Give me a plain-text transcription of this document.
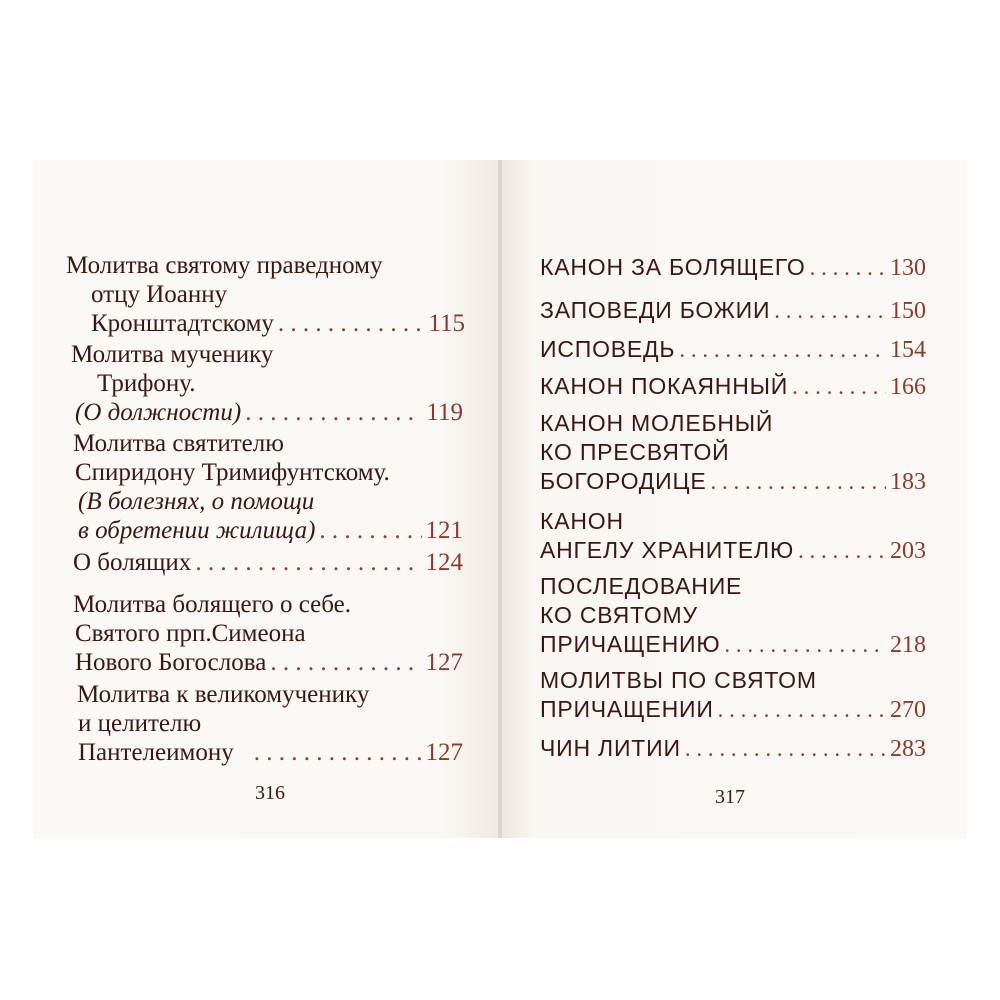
Молитва святому праведному
отцу Иоанну
Кронштадтскому . . .	115
Молитва мученику
Трифону.
(О должности) . . .	119
Молитва святителю
Спиридону Тримифунтскому.
(В болезнях, о помощи
в обретении жилища) . . .	121
О болящих . . .	124
Молитва болящего о себе.
Святого прп.Симеона
Нового Богослова . . .	127
Молитва к великомученику
и целителю
Пантелеимону . . .	127
316
КАНОН ЗА БОЛЯЩЕГО . . .	130
ЗАПОВЕДИ БОЖИИ . . .	150
ИСПОВЕДЬ . . .	154
КАНОН ПОКАЯННЫЙ . . .	166
КАНОН МОЛЕБНЫЙ
КО ПРЕСВЯТОЙ
БОГОРОДИЦЕ . . .	183
КАНОН
АНГЕЛУ ХРАНИТЕЛЮ . . .	203
ПОСЛЕДОВАНИЕ
КО СВЯТОМУ
ПРИЧАЩЕНИЮ . . .	218
МОЛИТВЫ ПО СВЯТОМ
ПРИЧАЩЕНИИ . . .	270
ЧИН ЛИТИИ . . .	283
317
